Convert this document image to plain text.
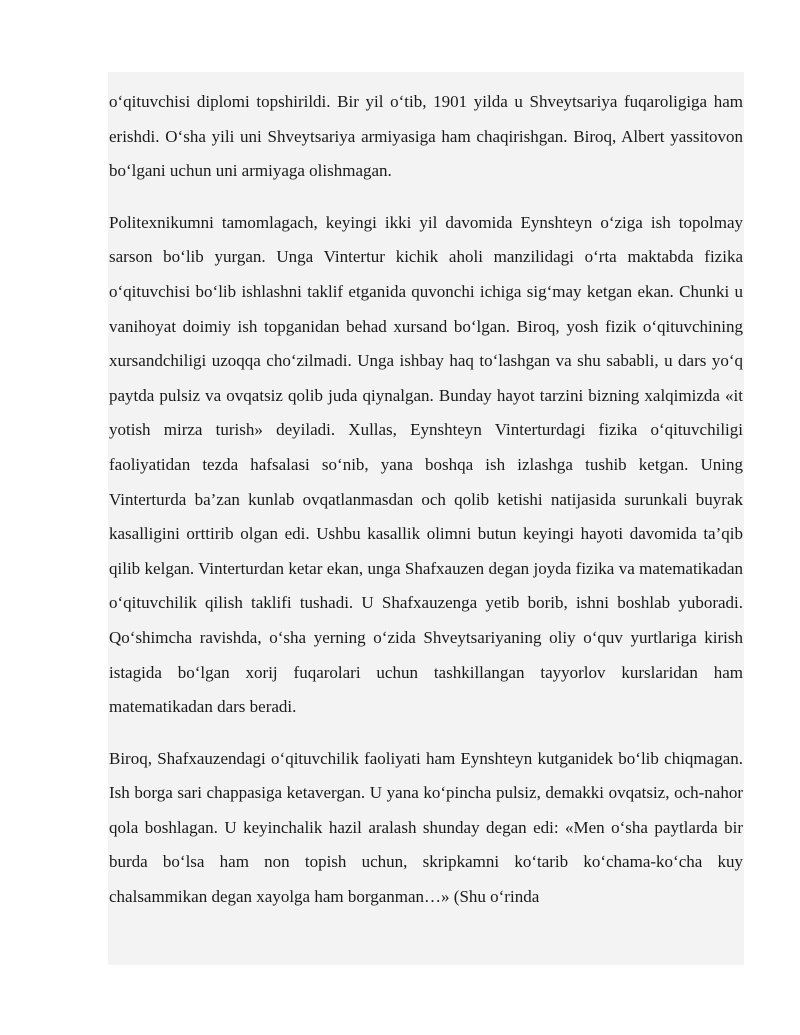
o‘qituvchisi diplomi topshirildi. Bir yil o‘tib, 1901 yilda u Shveytsariya fuqaroligiga ham erishdi. O‘sha yili uni Shveytsariya armiyasiga ham chaqirishgan. Biroq, Albert yassitovon bo‘lgani uchun uni armiyaga olishmagan.

Politexnikumni tamomlagach, keyingi ikki yil davomida Eynshteyn o‘ziga ish topolmay sarson bo‘lib yurgan. Unga Vintertur kichik aholi manzilidagi o‘rta maktabda fizika o‘qituvchisi bo‘lib ishlashni taklif etganida quvonchi ichiga sig‘may ketgan ekan. Chunki u vanihoyat doimiy ish topganidan behad xursand bo‘lgan. Biroq, yosh fizik o‘qituvchining xursandchiligi uzoqqa cho‘zilmadi. Unga ishbay haq to‘lashgan va shu sababli, u dars yo‘q paytda pulsiz va ovqatsiz qolib juda qiynalgan. Bunday hayot tarzini bizning xalqimizda «it yotish mirza turish» deyiladi. Xullas, Eynshteyn Vinterturdagi fizika o‘qituvchiligi faoliyatidan tezda hafsalasi so‘nib, yana boshqa ish izlashga tushib ketgan. Uning Vinterturda ba’zan kunlab ovqatlanmasdan och qolib ketishi natijasida surunkali buyrak kasalligini orttirib olgan edi. Ushbu kasallik olimni butun keyingi hayoti davomida ta’qib qilib kelgan. Vinterturdan ketar ekan, unga Shafxauzen degan joyda fizika va matematikadan o‘qituvchilik qilish taklifi tushadi. U Shafxauzenga yetib borib, ishni boshlab yuboradi. Qo‘shimcha ravishda, o‘sha yerning o‘zida Shveytsariyaning oliy o‘quv yurtlariga kirish istagida bo‘lgan xorij fuqarolari uchun tashkillangan tayyorlov kurslaridan ham matematikadan dars beradi.

Biroq, Shafxauzendagi o‘qituvchilik faoliyati ham Eynshteyn kutganidek bo‘lib chiqmagan. Ish borga sari chappasiga ketavergan. U yana ko‘pincha pulsiz, demakki ovqatsiz, och-nahor qola boshlagan. U keyinchalik hazil aralash shunday degan edi: «Men o‘sha paytlarda bir burda bo‘lsa ham non topish uchun, skripkamni ko‘tarib ko‘chama-ko‘cha kuy chalsammikan degan xayolga ham borganman…» (Shu o‘rinda
